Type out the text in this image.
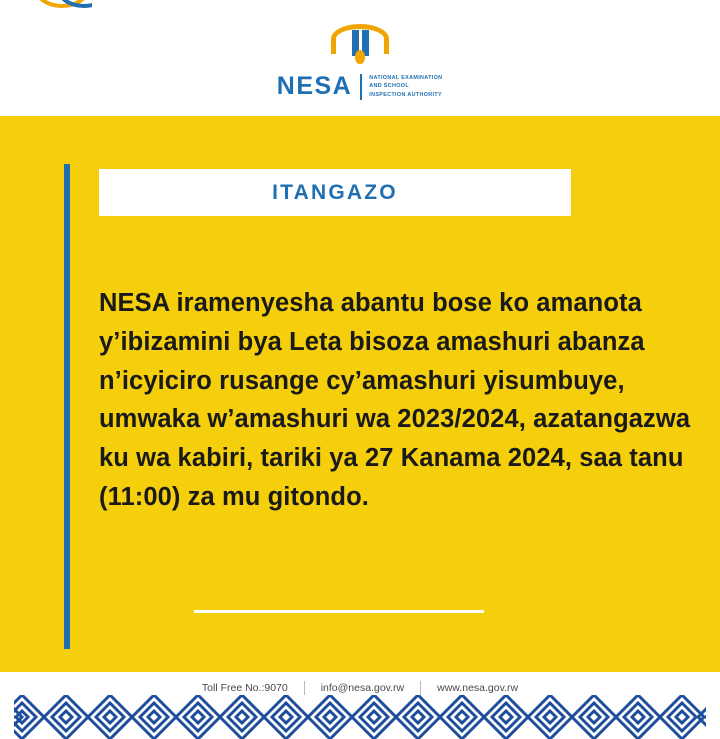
NESA	NATIONAL EXAMINATION AND SCHOOL INSPECTION AUTHORITY
ITANGAZO
NESA iramenyesha abantu bose ko amanota y’ibizamini bya Leta bisoza amashuri abanza n’icyiciro rusange cy’amashuri yisumbuye, umwaka w’amashuri wa 2023/2024, azatangazwa ku wa kabiri, tariki ya 27 Kanama 2024, saa tanu (11:00) za mu gitondo.
Toll Free No.:9070	info@nesa.gov.rw	www.nesa.gov.rw
